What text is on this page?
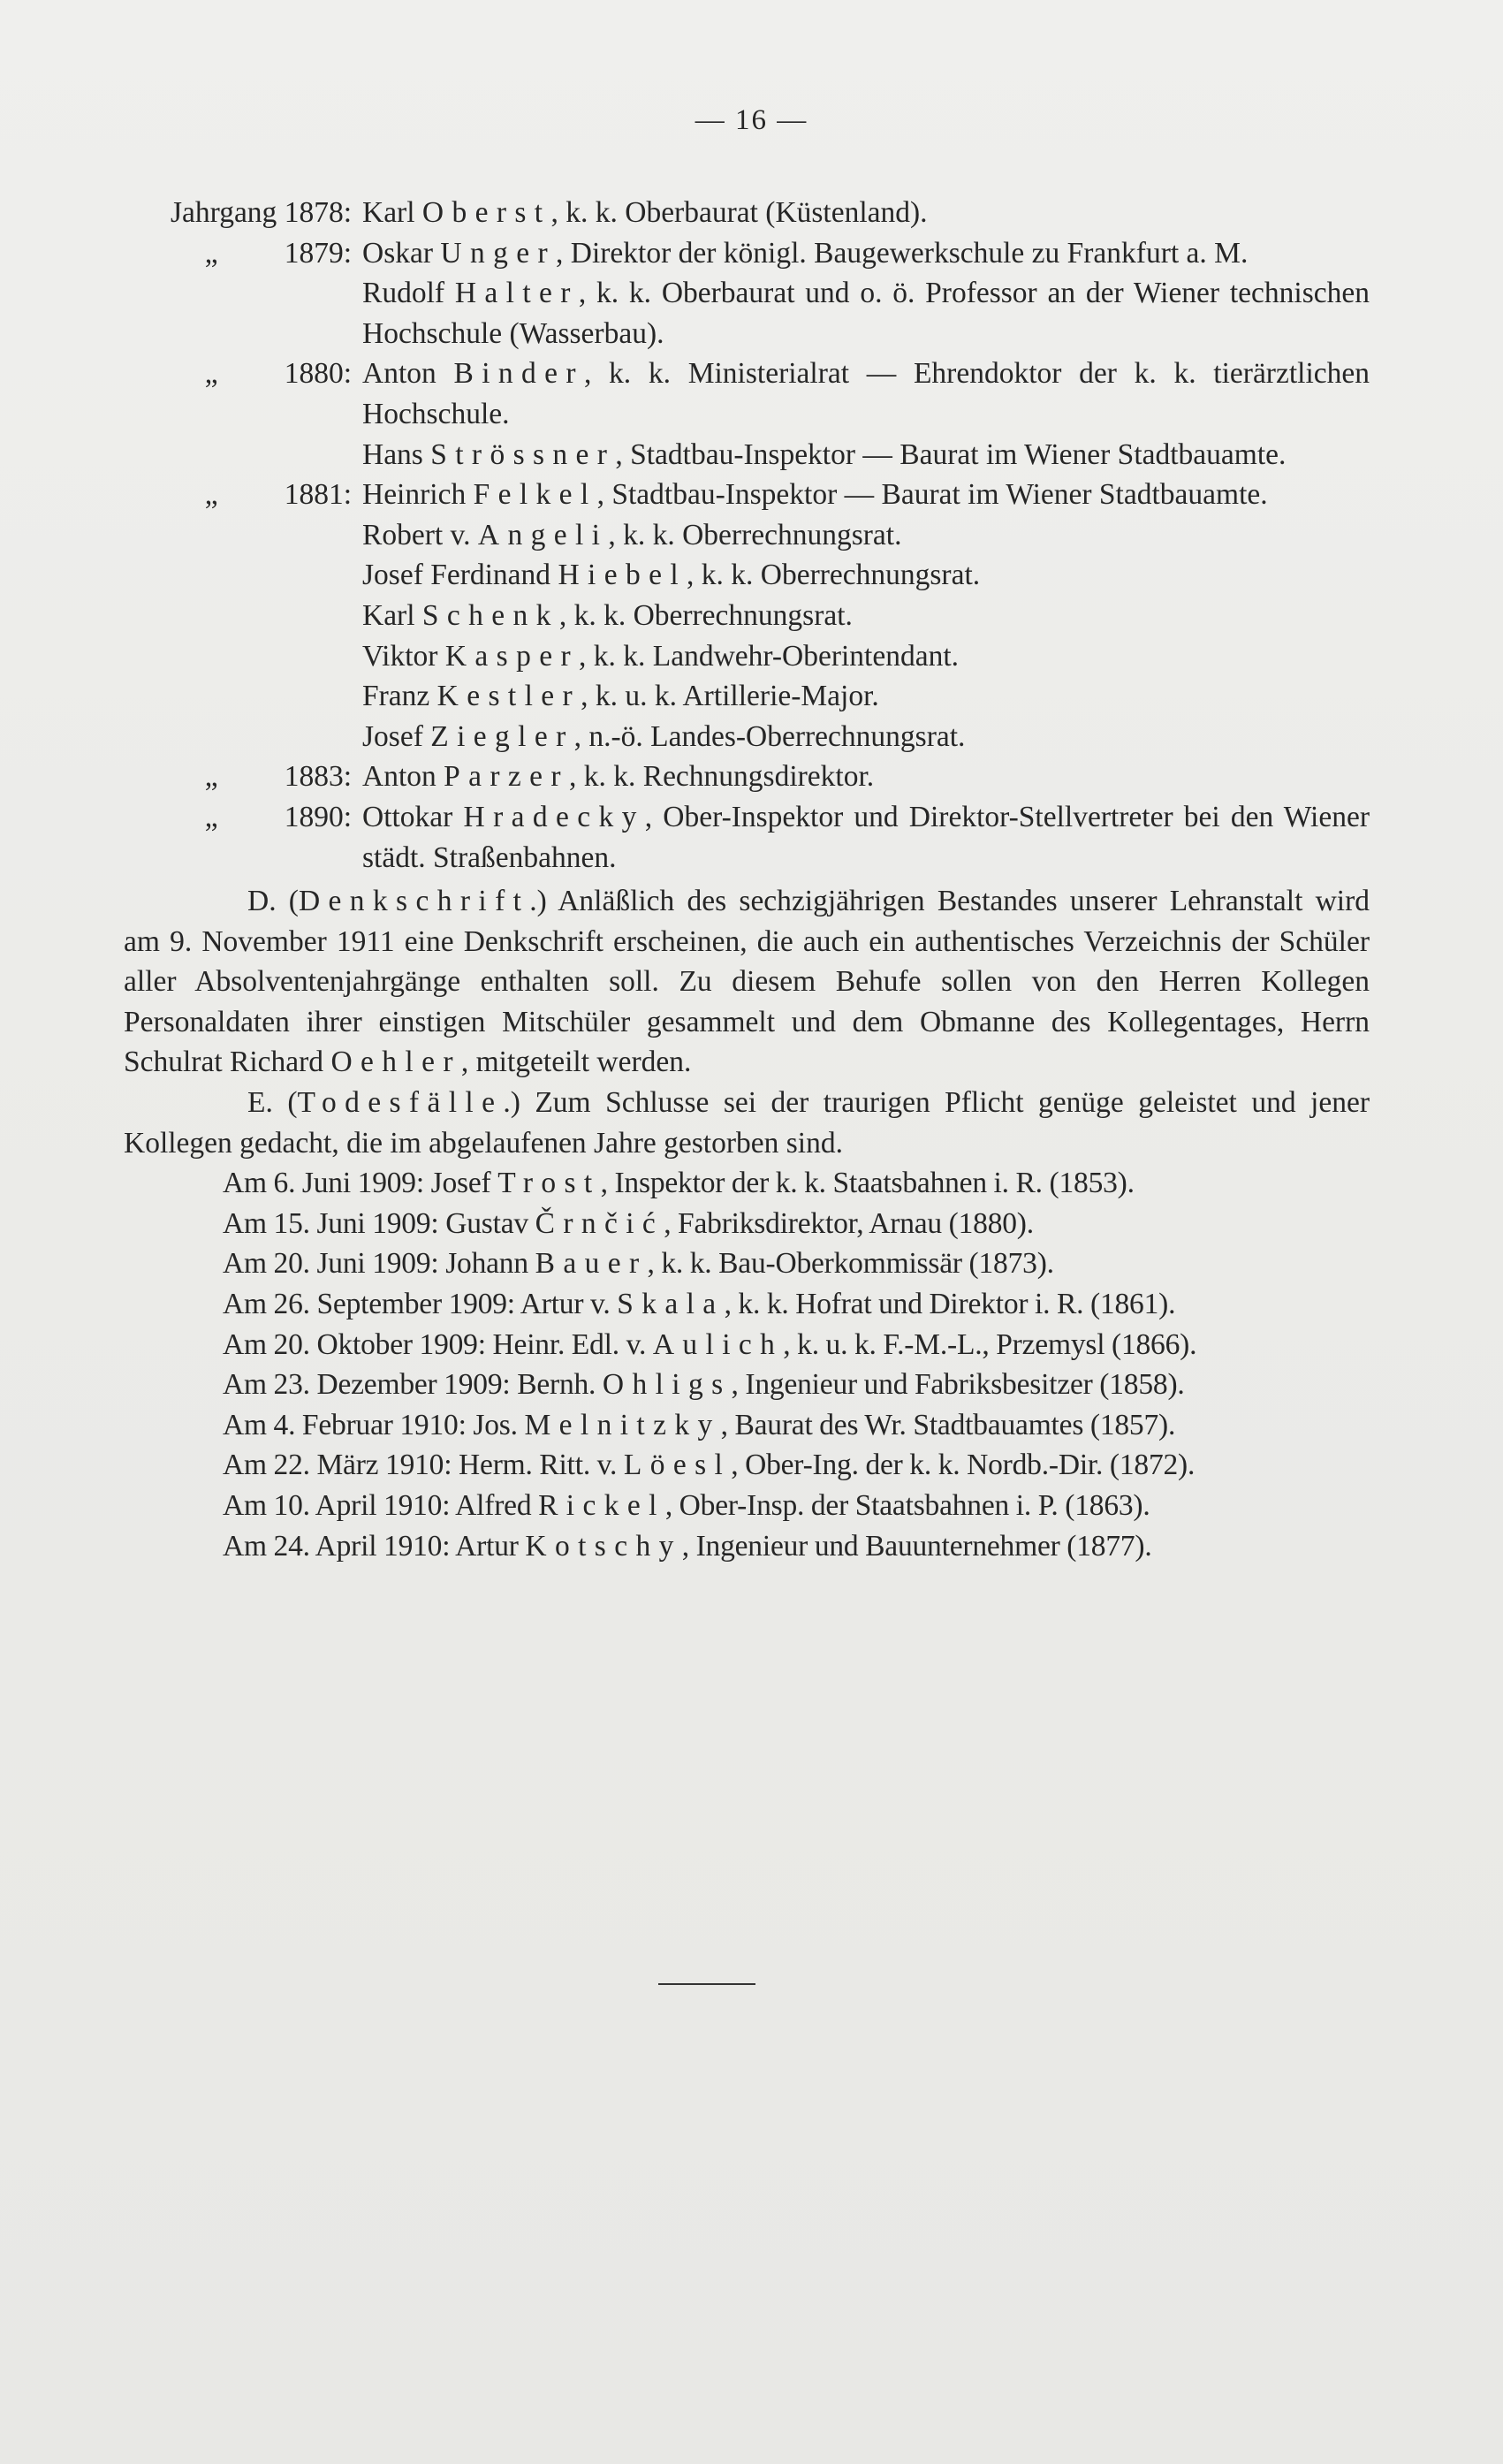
— 16 —
Jahrgang 1878: Karl Oberst, k. k. Oberbaurat (Küstenland).
„ 1879: Oskar Unger, Direktor der königl. Baugewerkschule zu Frankfurt a. M.
Rudolf Halter, k. k. Oberbaurat und o. ö. Professor an der Wiener technischen Hochschule (Wasserbau).
„ 1880: Anton Binder, k. k. Ministerialrat — Ehrendoktor der k. k. tierärztlichen Hochschule.
Hans Strössner, Stadtbau-Inspektor — Baurat im Wiener Stadtbauamte.
„ 1881: Heinrich Felkel, Stadtbau-Inspektor — Baurat im Wiener Stadtbauamte.
Robert v. Angeli, k. k. Oberrechnungsrat.
Josef Ferdinand Hiebel, k. k. Oberrechnungsrat.
Karl Schenk, k. k. Oberrechnungsrat.
Viktor Kasper, k. k. Landwehr-Oberintendant.
Franz Kestler, k. u. k. Artillerie-Major.
Josef Ziegler, n.-ö. Landes-Oberrechnungsrat.
„ 1883: Anton Parzer, k. k. Rechnungsdirektor.
„ 1890: Ottokar Hradecky, Ober-Inspektor und Direktor-Stellvertreter bei den Wiener städt. Straßenbahnen.

D. (Denkschrift.) Anläßlich des sechzigjährigen Bestandes unserer Lehranstalt wird am 9. November 1911 eine Denkschrift erscheinen, die auch ein authentisches Verzeichnis der Schüler aller Absolventenjahrgänge enthalten soll. Zu diesem Behufe sollen von den Herren Kollegen Personaldaten ihrer einstigen Mitschüler gesammelt und dem Obmanne des Kollegentages, Herrn Schulrat Richard Oehler, mitgeteilt werden.

E. (Todesfälle.) Zum Schlusse sei der traurigen Pflicht genüge geleistet und jener Kollegen gedacht, die im abgelaufenen Jahre gestorben sind.

Am 6. Juni 1909: Josef Trost, Inspektor der k. k. Staatsbahnen i. R. (1853).
Am 15. Juni 1909: Gustav Črnčić, Fabriksdirektor, Arnau (1880).
Am 20. Juni 1909: Johann Bauer, k. k. Bau-Oberkommissär (1873).
Am 26. September 1909: Artur v. Skala, k. k. Hofrat und Direktor i. R. (1861).
Am 20. Oktober 1909: Heinr. Edl. v. Aulich, k. u. k. F.-M.-L., Przemysl (1866).
Am 23. Dezember 1909: Bernh. Ohligs, Ingenieur und Fabriksbesitzer (1858).
Am 4. Februar 1910: Jos. Melnitzky, Baurat des Wr. Stadtbauamtes (1857).
Am 22. März 1910: Herm. Ritt. v. Löesl, Ober-Ing. der k. k. Nordb.-Dir. (1872).
Am 10. April 1910: Alfred Rickel, Ober-Insp. der Staatsbahnen i. P. (1863).
Am 24. April 1910: Artur Kotschy, Ingenieur und Bauunternehmer (1877).
